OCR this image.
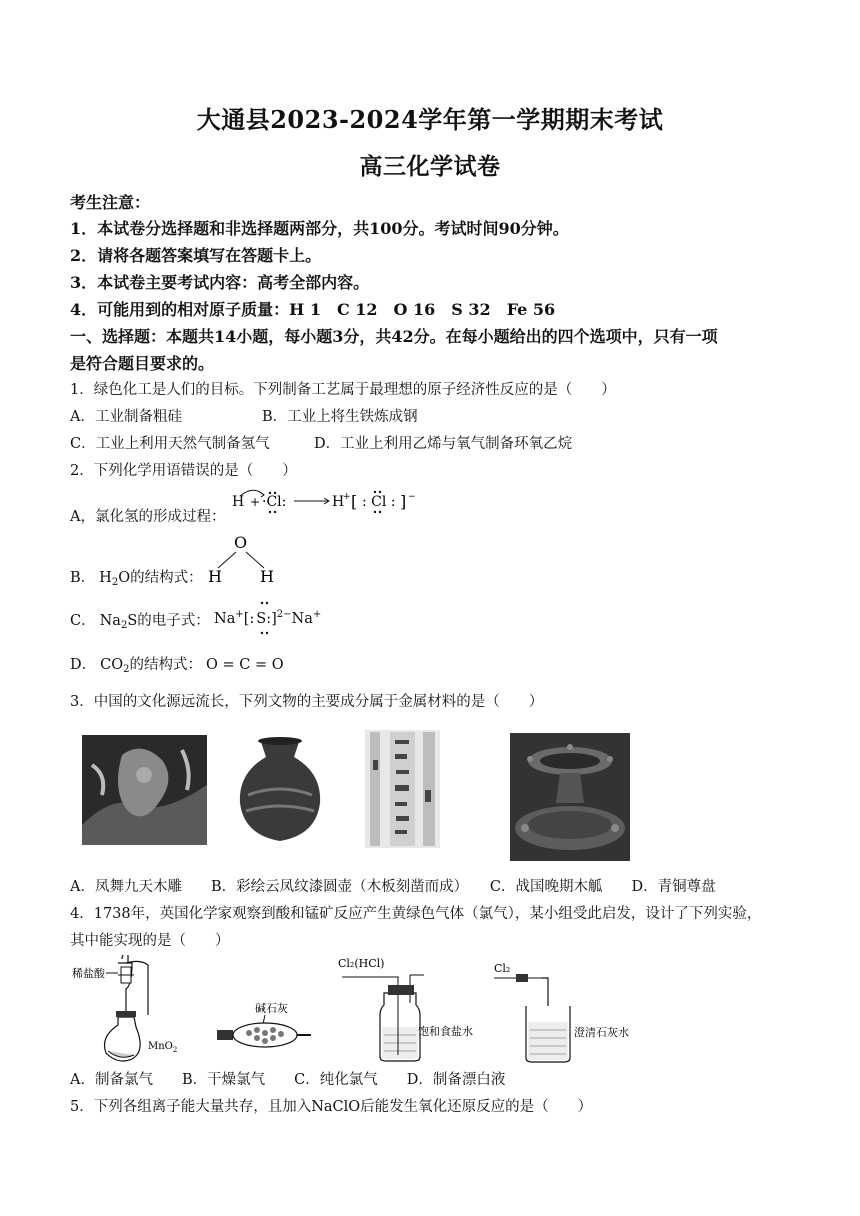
大通县2023-2024学年第一学期期末考试
高三化学试卷
考生注意：
1．本试卷分选择题和非选择题两部分，共100分。考试时间90分钟。
2．请将各题答案填写在答题卡上。
3．本试卷主要考试内容：高考全部内容。
4．可能用到的相对原子质量：H 1　C 12　O 16　S 32　Fe 56
一、选择题：本题共14小题，每小题3分，共42分。在每小题给出的四个选项中，只有一项
是符合题目要求的。
1．绿色化工是人们的目标。下列制备工艺属于最理想的原子经济性反应的是（　　）
A．工业制备粗硅	B．工业上将生铁炼成钢
C．工业上利用天然气制备氢气	D．工业上利用乙烯与氧气制备环氧乙烷
2．下列化学用语错误的是（　　）
A，氯化氢的形成过程：
H + ·Cl:	H
+ [ : Cl : ] −
B． $H_2O$的结构式：
O
H H
C． $Na_2S$的电子式： Na+[:S:]$^{2-}$Na+
D． $CO_2$的结构式： O = C = O
3．中国的文化源远流长，下列文物的主要成分属于金属材料的是（　　）
A．凤舞九天木雕　　B．彩绘云凤纹漆圆壶（木板刻凿而成）　　C．战国晚期木觚　　D．青铜尊盘
4．1738年，英国化学家观察到酸和锰矿反应产生黄绿色气体（氯气），某小组受此启发，设计了下列实验，
其中能实现的是（　　）
稀盐酸
MnO$_2$
碱石灰
Cl₂(HCl)
饱和食盐水
Cl₂
澄清石灰水
A．制备氯气　　B．干燥氯气　　C．纯化氯气　　D．制备漂白液
5．下列各组离子能大量共存，且加入NaClO后能发生氧化还原反应的是（　　）
